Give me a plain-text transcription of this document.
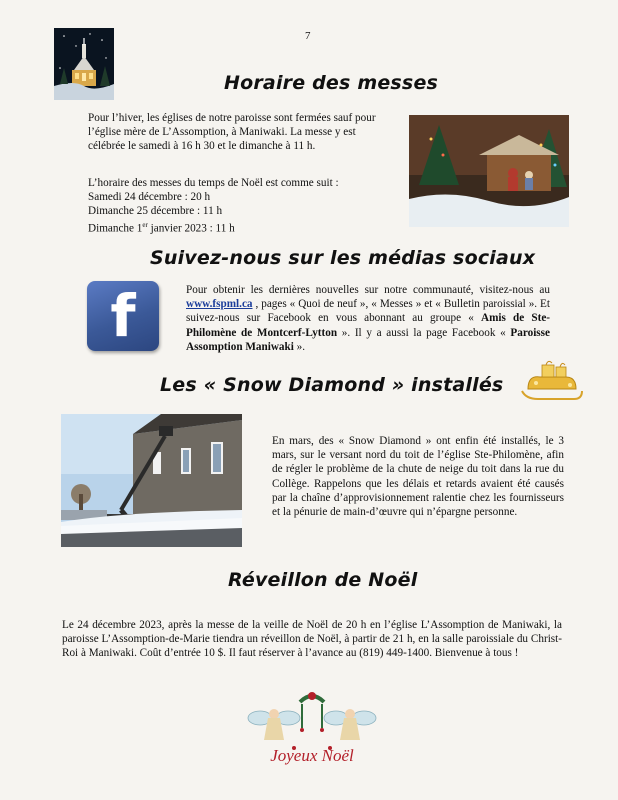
7
Horaire des messes
Pour l’hiver, les églises de notre paroisse sont fermées sauf pour l’église mère de L’Assomption, à Maniwaki. La messe y est célébrée le samedi à 16 h 30 et le dimanche à 11 h.
L’horaire des messes du temps de Noël est comme suit :
Samedi 24 décembre : 20 h
Dimanche 25 décembre : 11 h
Dimanche 1er janvier 2023 : 11 h
Suivez-nous sur les médias sociaux
f	Pour obtenir les dernières nouvelles sur notre communauté, visitez-nous au www.fspml.ca , pages « Quoi de neuf », « Messes » et « Bulletin paroissial ». Et suivez-nous sur Facebook en vous abonnant au groupe « Amis de Ste-Philomène de Montcerf-Lytton ». Il y a aussi la page Facebook « Paroisse Assomption Maniwaki ».
Les « Snow Diamond » installés
En mars, des « Snow Diamond » ont enfin été installés, le 3 mars, sur le versant nord du toit de l’église Ste-Philomène, afin de régler le problème de la chute de neige du toit dans la rue du Collège. Rappelons que les délais et retards avaient été causés par la chaîne d’approvisionnement ralentie chez les fournisseurs et la pénurie de main-d’œuvre qui n’épargne personne.
Réveillon de Noël
Le 24 décembre 2023, après la messe de la veille de Noël de 20 h en l’église L’Assomption de Maniwaki, la paroisse L’Assomption-de-Marie tiendra un réveillon de Noël, à partir de 21 h, en la salle paroissiale du Christ-Roi à Maniwaki. Coût d’entrée 10 $. Il faut réserver à l’avance au (819) 449-1400. Bienvenue à tous !
Joyeux Noël
